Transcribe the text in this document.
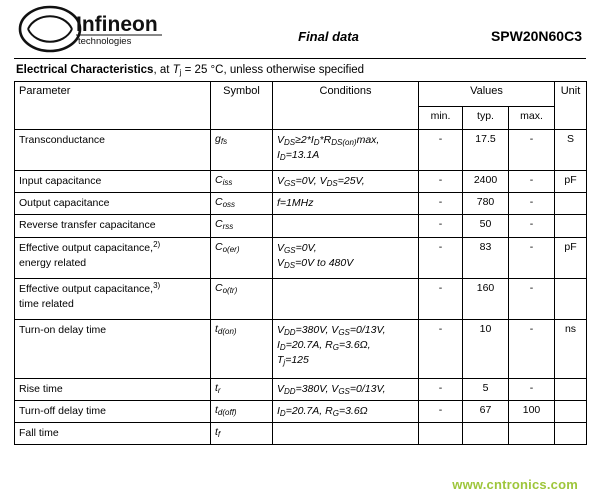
Infineon
technologies	Final data	SPW20N60C3
Electrical Characteristics, at $T_j = 25$ °C, unless otherwise specified
Parameter	Symbol	Conditions	Values			Unit
			min.	typ.	max.	
Transconductance	$g_{fs}$	$V_{DS}\ge 2*I_D*R_{DS(on)}\max$,
$I_D=13.1A$	-	17.5	-	S
Input capacitance	$C_{iss}$	$V_{GS}=0V$, $V_{DS}=25V$,	-	2400	-	pF
Output capacitance	$C_{oss}$	f=1MHz	-	780	-	
Reverse transfer capacitance	$C_{rss}$		-	50	-	
Effective output capacitance,$^{2)}$
energy related	$C_{o(er)}$	$V_{GS}=0V$,
$V_{DS}=0V$ to 480V	-	83	-	pF
Effective output capacitance,$^{3)}$
time related	$C_{o(tr)}$		-	160	-	
Turn-on delay time	$t_{d(on)}$	$V_{DD}=380V$, $V_{GS}=0/13V$,
$I_D=20.7A$, $R_G=3.6\Omega$,
$T_j=125$	-	10	-	ns
Rise time	$t_r$	$V_{DD}=380V$, $V_{GS}=0/13V$,	-	5	-	
Turn-off delay time	$t_{d(off)}$	$I_D=20.7A$, $R_G=3.6\Omega$	-	67	100	
Fall time	$t_f$					
www.cntronics.com
